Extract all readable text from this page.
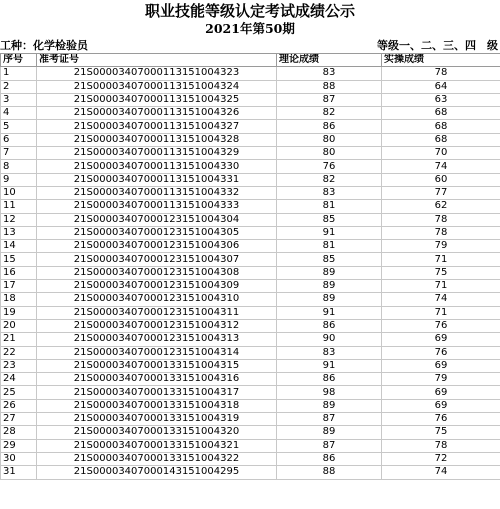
职业技能等级认定考试成绩公示
2021年第50期
工种：化学检验员	等级一、二、三、四　级
序号	准考证号	理论成绩	实操成绩
1	21S000034070001131510043​23	83	78
2	21S0000340700011315100432​4	88	64
3	21S00003407000113151004325	87	63
4	21S00003407000113151004326	82	68
5	21S00003407000113151004327	86	68
6	21S00003407000113151004328	80	68
7	21S00003407000113151004329	80	70
8	21S00003407000113151004330	76	74
9	21S00003407000113151004331	82	60
10	21S00003407000113151004332	83	77
11	21S00003407000113151004333	81	62
12	21S00003407000123151004304	85	78
13	21S00003407000123151004305	91	78
14	21S00003407000123151004306	81	79
15	21S00003407000123151004307	85	71
16	21S00003407000123151004308	89	75
17	21S00003407000123151004309	89	71
18	21S00003407000123151004310	89	74
19	21S00003407000123151004311	91	71
20	21S00003407000123151004312	86	76
21	21S00003407000123151004313	90	69
22	21S00003407000123151004314	83	76
23	21S00003407000133151004315	91	69
24	21S00003407000133151004316	86	79
25	21S00003407000133151004317	98	69
26	21S00003407000133151004318	89	69
27	21S00003407000133151004319	87	76
28	21S00003407000133151004320	89	75
29	21S00003407000133151004321	87	78
30	21S00003407000133151004322	86	72
31	21S00003407000143151004295	88	74
